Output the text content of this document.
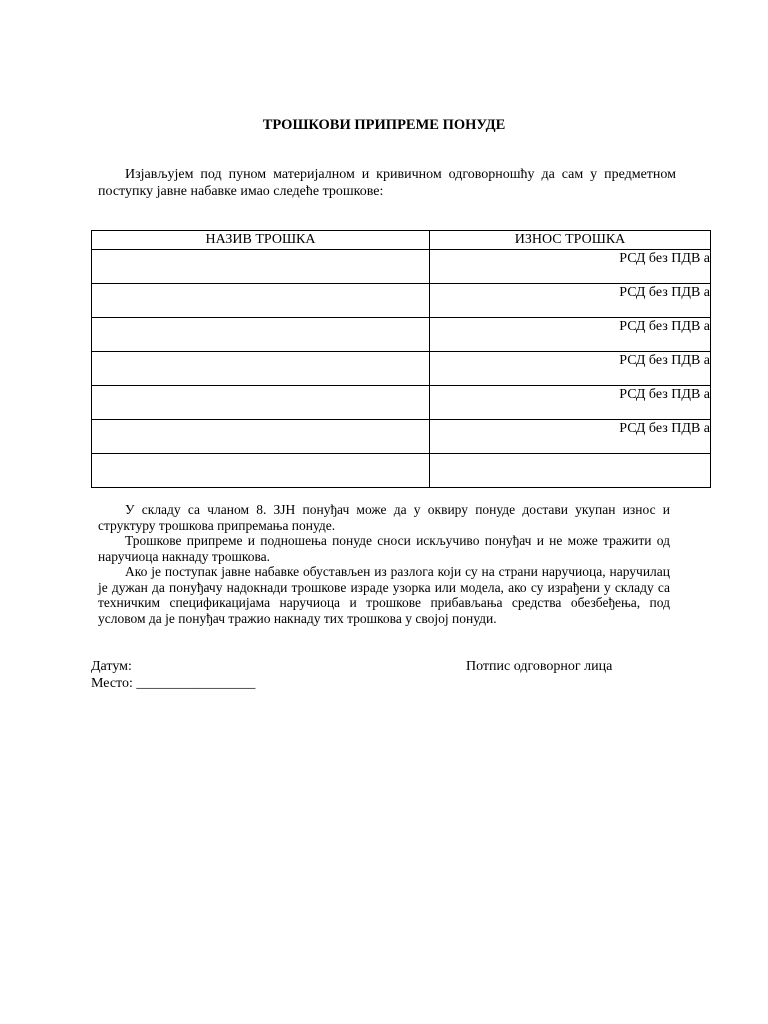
ТРОШКОВИ ПРИПРЕМЕ ПОНУДЕ

Изјављујем под пуном материјалном и кривичном одговорношћу да сам у предметном поступку јавне набавке имао следеће трошкове:

НАЗИВ ТРОШКА	ИЗНОС ТРОШКА
	РСД без ПДВ а
	РСД без ПДВ а
	РСД без ПДВ а
	РСД без ПДВ а
	РСД без ПДВ а
	РСД без ПДВ а

У складу са чланом 8. ЗЈН понуђач може да у оквиру понуде достави укупан износ и структуру трошкова припремања понуде.

Трошкове припреме и подношења понуде сноси искључиво понуђач и не може тражити од наручиоца накнаду трошкова.

Ако је поступак јавне набавке обустављен из разлога који су на страни наручиоца, наручилац је дужан да понуђачу надокнади трошкове израде узорка или модела, ако су израђени у складу са техничким спецификацијама наручиоца и трошкове прибављања средства обезбеђења, под условом да је понуђач тражио накнаду тих трошкова у својој понуди.

Датум:
Место: _________________
Потпис одговорног лица
